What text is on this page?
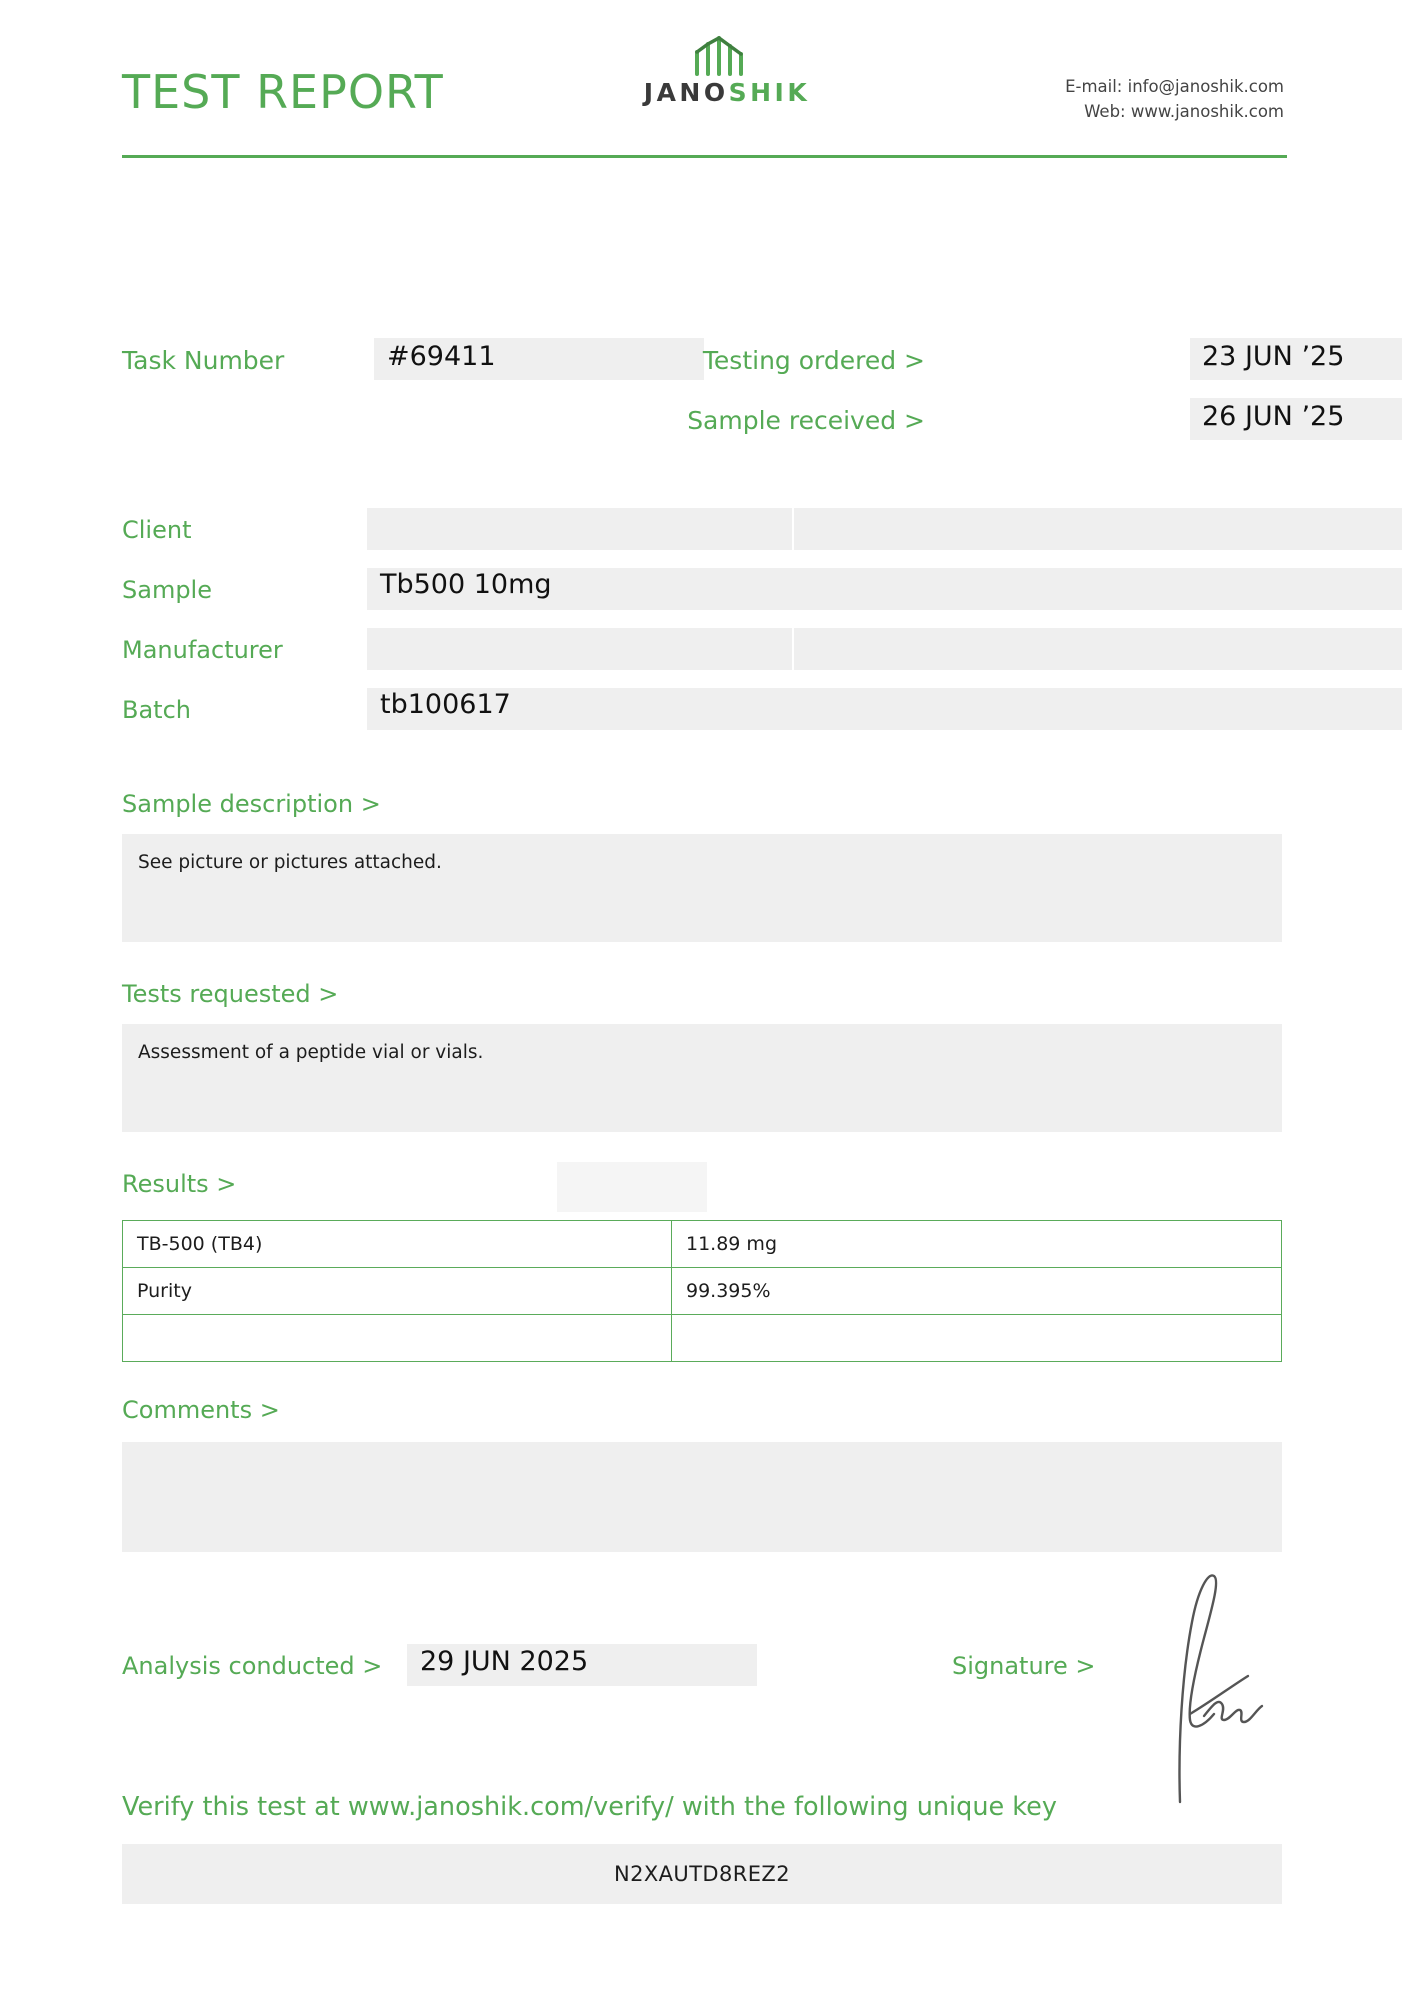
TEST REPORT	JANOSHIK	E-mail: info@janoshik.com
Web: www.janoshik.com
Task Number	#69411	Testing ordered >	23 JUN ’25
Sample received >	26 JUN ’25
Client
Sample	Tb500 10mg
Manufacturer
Batch	tb100617
Sample description >
See picture or pictures attached.
Tests requested >
Assessment of a peptide vial or vials.
Results >
TB-500 (TB4)	11.89 mg
Purity	99.395%

Comments >
Analysis conducted > 29 JUN 2025	Signature >
Verify this test at www.janoshik.com/verify/ with the following unique key
N2XAUTD8REZ2
